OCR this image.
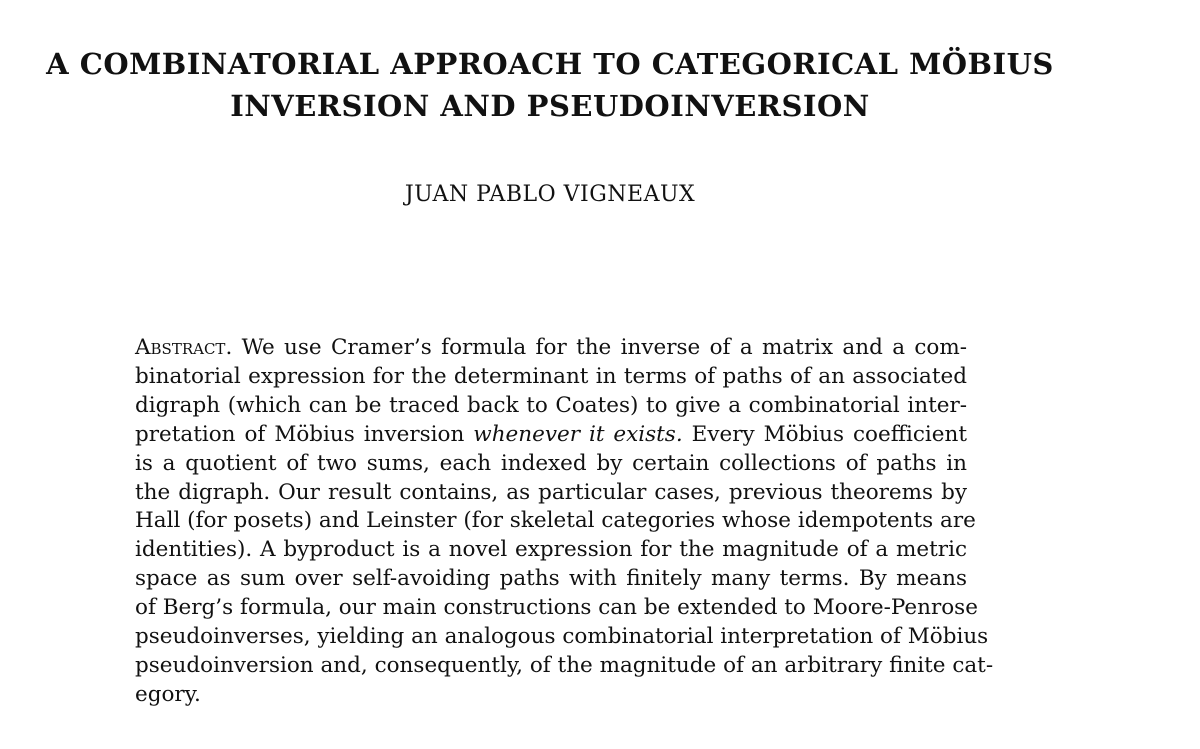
A COMBINATORIAL APPROACH TO CATEGORICAL MÖBIUS
INVERSION AND PSEUDOINVERSION
JUAN PABLO VIGNEAUX
Abstract. We use Cramer’s formula for the inverse of a matrix and a com-
binatorial expression for the determinant in terms of paths of an associated
digraph (which can be traced back to Coates) to give a combinatorial inter-
pretation of Möbius inversion whenever it exists. Every Möbius coefficient
is a quotient of two sums, each indexed by certain collections of paths in
the digraph. Our result contains, as particular cases, previous theorems by
Hall (for posets) and Leinster (for skeletal categories whose idempotents are
identities). A byproduct is a novel expression for the magnitude of a metric
space as sum over self-avoiding paths with finitely many terms. By means
of Berg’s formula, our main constructions can be extended to Moore-Penrose
pseudoinverses, yielding an analogous combinatorial interpretation of Möbius
pseudoinversion and, consequently, of the magnitude of an arbitrary finite cat-
egory.
